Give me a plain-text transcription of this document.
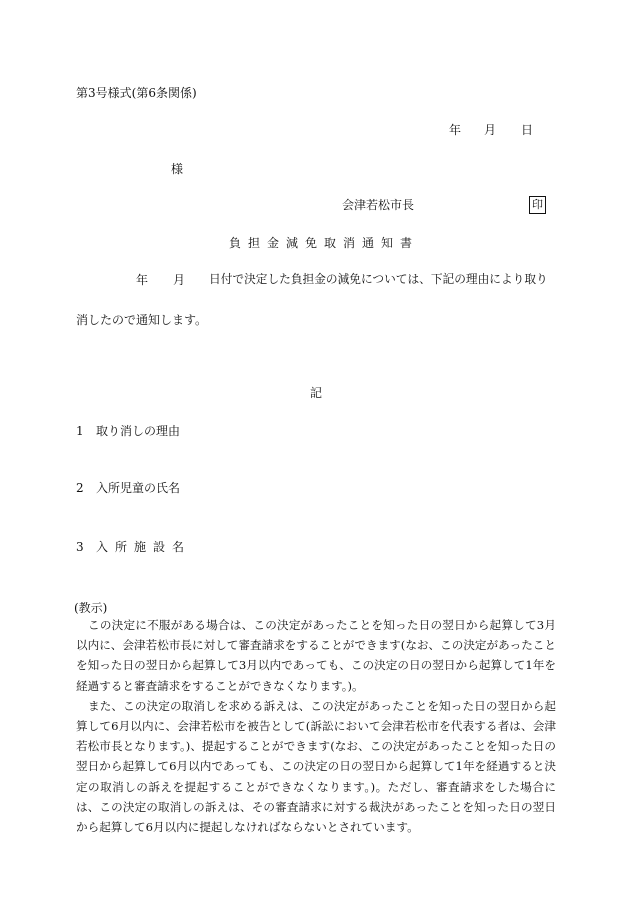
第3号様式(第6条関係)
年 月 日
様
会津若松市長	印
負担金減免取消通知書
年 月 日付で決定した負担金の減免については、下記の理由により取り
消したので通知します。
記
1 取り消しの理由
2 入所児童の氏名
3 入所施設名
(教示)

この決定に不服がある場合は、この決定があったことを知った日の翌日から起算して3月以内に、会津若松市長に対して審査請求をすることができます(なお、この決定があったことを知った日の翌日から起算して3月以内であっても、この決定の日の翌日から起算して1年を経過すると審査請求をすることができなくなります。)。

また、この決定の取消しを求める訴えは、この決定があったことを知った日の翌日から起算して6月以内に、会津若松市を被告として(訴訟において会津若松市を代表する者は、会津若松市長となります。)、提起することができます(なお、この決定があったことを知った日の翌日から起算して6月以内であっても、この決定の日の翌日から起算して1年を経過すると決定の取消しの訴えを提起することができなくなります。)。ただし、審査請求をした場合には、この決定の取消しの訴えは、その審査請求に対する裁決があったことを知った日の翌日から起算して6月以内に提起しなければならないとされています。
